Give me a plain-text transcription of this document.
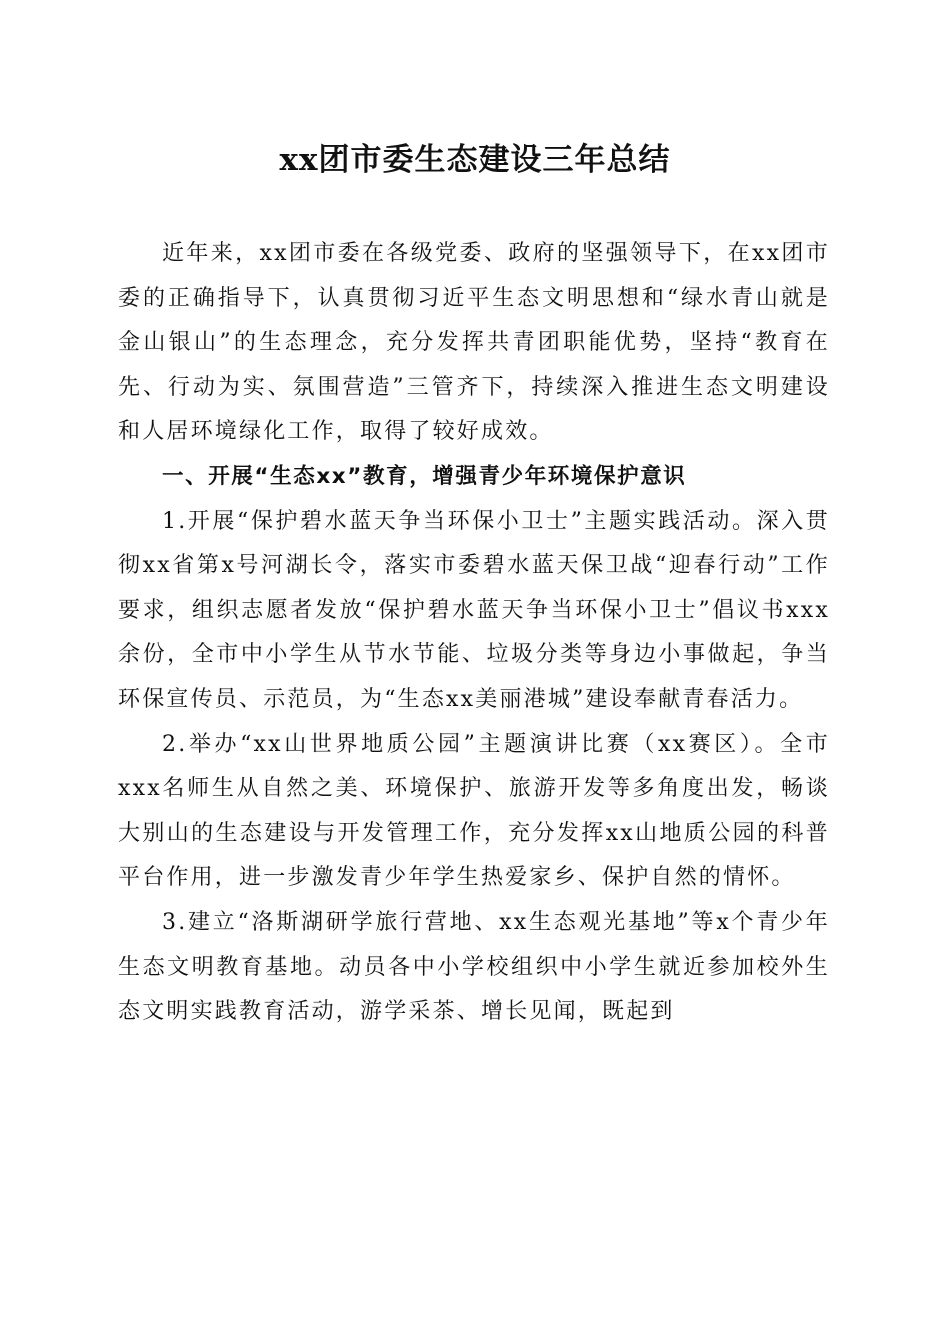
xx团市委生态建设三年总结

近年来，xx团市委在各级党委、政府的坚强领导下，在xx团市委的正确指导下，认真贯彻习近平生态文明思想和“绿水青山就是金山银山”的生态理念，充分发挥共青团职能优势，坚持“教育在先、行动为实、氛围营造”三管齐下，持续深入推进生态文明建设和人居环境绿化工作，取得了较好成效。

一、开展“生态xx”教育，增强青少年环境保护意识

1.开展“保护碧水蓝天争当环保小卫士”主题实践活动。深入贯彻xx省第x号河湖长令，落实市委碧水蓝天保卫战“迎春行动”工作要求，组织志愿者发放“保护碧水蓝天争当环保小卫士”倡议书xxx余份，全市中小学生从节水节能、垃圾分类等身边小事做起，争当环保宣传员、示范员，为“生态xx美丽港城”建设奉献青春活力。

2.举办“xx山世界地质公园”主题演讲比赛（xx赛区）。全市xxx名师生从自然之美、环境保护、旅游开发等多角度出发，畅谈大别山的生态建设与开发管理工作，充分发挥xx山地质公园的科普平台作用，进一步激发青少年学生热爱家乡、保护自然的情怀。

3.建立“洛斯湖研学旅行营地、xx生态观光基地”等x个青少年生态文明教育基地。动员各中小学校组织中小学生就近参加校外生态文明实践教育活动，游学采茶、增长见闻，既起到
